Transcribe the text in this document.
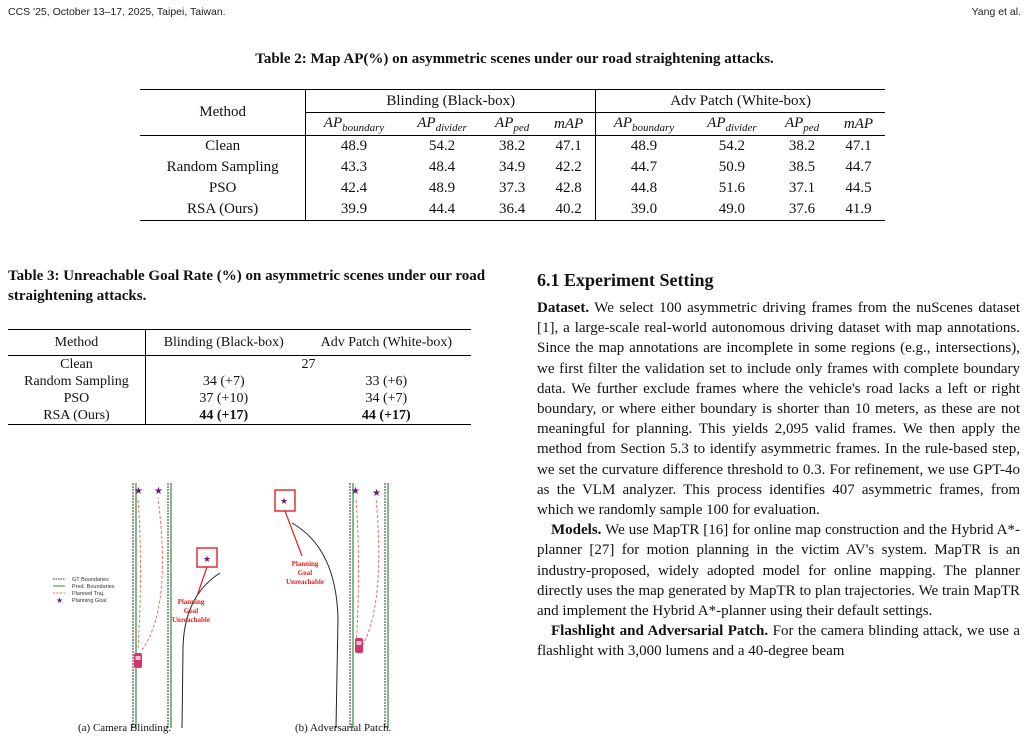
CCS '25, October 13–17, 2025, Taipei, Taiwan.	Yang et al.
Table 2: Map AP(%) on asymmetric scenes under our road straightening attacks.
Method	Blinding (Black-box)				Adv Patch (White-box)			
	$AP_{boundary}$	$AP_{divider}$	$AP_{ped}$	mAP	$AP_{boundary}$	$AP_{divider}$	$AP_{ped}$	mAP
Clean	48.9	54.2	38.2	47.1	48.9	54.2	38.2	47.1
Random Sampling	43.3	48.4	34.9	42.2	44.7	50.9	38.5	44.7
PSO	42.4	48.9	37.3	42.8	44.8	51.6	37.1	44.5
RSA (Ours)	39.9	44.4	36.4	40.2	39.0	49.0	37.6	41.9
Table 3: Unreachable Goal Rate (%) on asymmetric scenes under our road straightening attacks.
Method	Blinding (Black-box)	Adv Patch (White-box)
Clean	27	
Random Sampling	34 (+7)	33 (+6)
PSO	37 (+10)	34 (+7)
RSA (Ours)	44 (+17)	44 (+17)
GT Boundaries
Pred. Boundaries
Planned Traj.
★ Planning Goal
★ ★
★
Planning
Goal
Unreachable
(a) Camera Blinding.
★ ★
★
Planning
Goal
Unreachable
(b) Adversarial Patch.
6.1 Experiment Setting

Dataset. We select 100 asymmetric driving frames from the nuScenes dataset [1], a large-scale real-world autonomous driving dataset with map annotations. Since the map annotations are incomplete in some regions (e.g., intersections), we first filter the validation set to include only frames with complete boundary data. We further exclude frames where the vehicle's road lacks a left or right boundary, or where either boundary is shorter than 10 meters, as these are not meaningful for planning. This yields 2,095 valid frames. We then apply the method from Section 5.3 to identify asymmetric frames. In the rule-based step, we set the curvature difference threshold to 0.3. For refinement, we use GPT-4o as the VLM analyzer. This process identifies 407 asymmetric frames, from which we randomly sample 100 for evaluation.

Models. We use MapTR [16] for online map construction and the Hybrid A*-planner [27] for motion planning in the victim AV's system. MapTR is an industry-proposed, widely adopted model for online mapping. The planner directly uses the map generated by MapTR to plan trajectories. We train MapTR and implement the Hybrid A*-planner using their default settings.

Flashlight and Adversarial Patch. For the camera blinding attack, we use a flashlight with 3,000 lumens and a 40-degree beam
